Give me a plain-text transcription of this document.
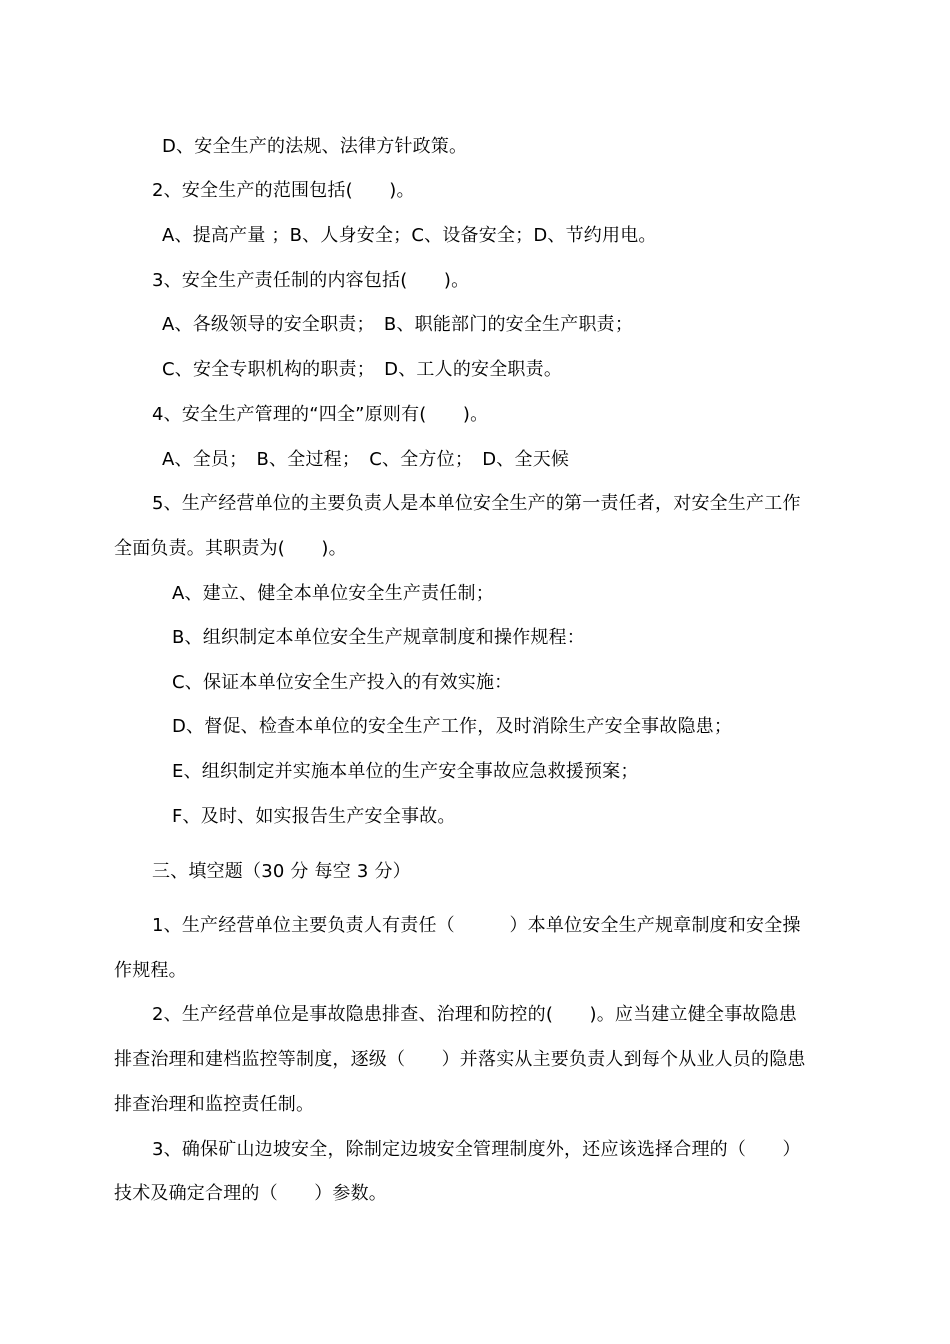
D、安全生产的法规、法律方针政策。
2、安全生产的范围包括(　　)。
A、提高产量 ；B、人身安全；C、设备安全；D、节约用电。
3、安全生产责任制的内容包括(　　)。
A、各级领导的安全职责；　B、职能部门的安全生产职责；
C、安全专职机构的职责；　D、工人的安全职责。
4、安全生产管理的“四全”原则有(　　)。
A、全员；　B、全过程；　C、全方位；　D、全天候
5、生产经营单位的主要负责人是本单位安全生产的第一责任者，对安全生产工作
全面负责。其职责为(　　)。
A、建立、健全本单位安全生产责任制；
B、组织制定本单位安全生产规章制度和操作规程：
C、保证本单位安全生产投入的有效实施：
D、督促、检查本单位的安全生产工作，及时消除生产安全事故隐患；
E、组织制定并实施本单位的生产安全事故应急救援预案；
F、及时、如实报告生产安全事故。
三、填空题（30 分 每空 3 分）
1、生产经营单位主要负责人有责任（　　　）本单位安全生产规章制度和安全操
作规程。
2、生产经营单位是事故隐患排查、治理和防控的(　　)。应当建立健全事故隐患
排查治理和建档监控等制度，逐级（　　）并落实从主要负责人到每个从业人员的隐患
排查治理和监控责任制。
3、确保矿山边坡安全，除制定边坡安全管理制度外，还应该选择合理的（　　）
技术及确定合理的（　　）参数。
